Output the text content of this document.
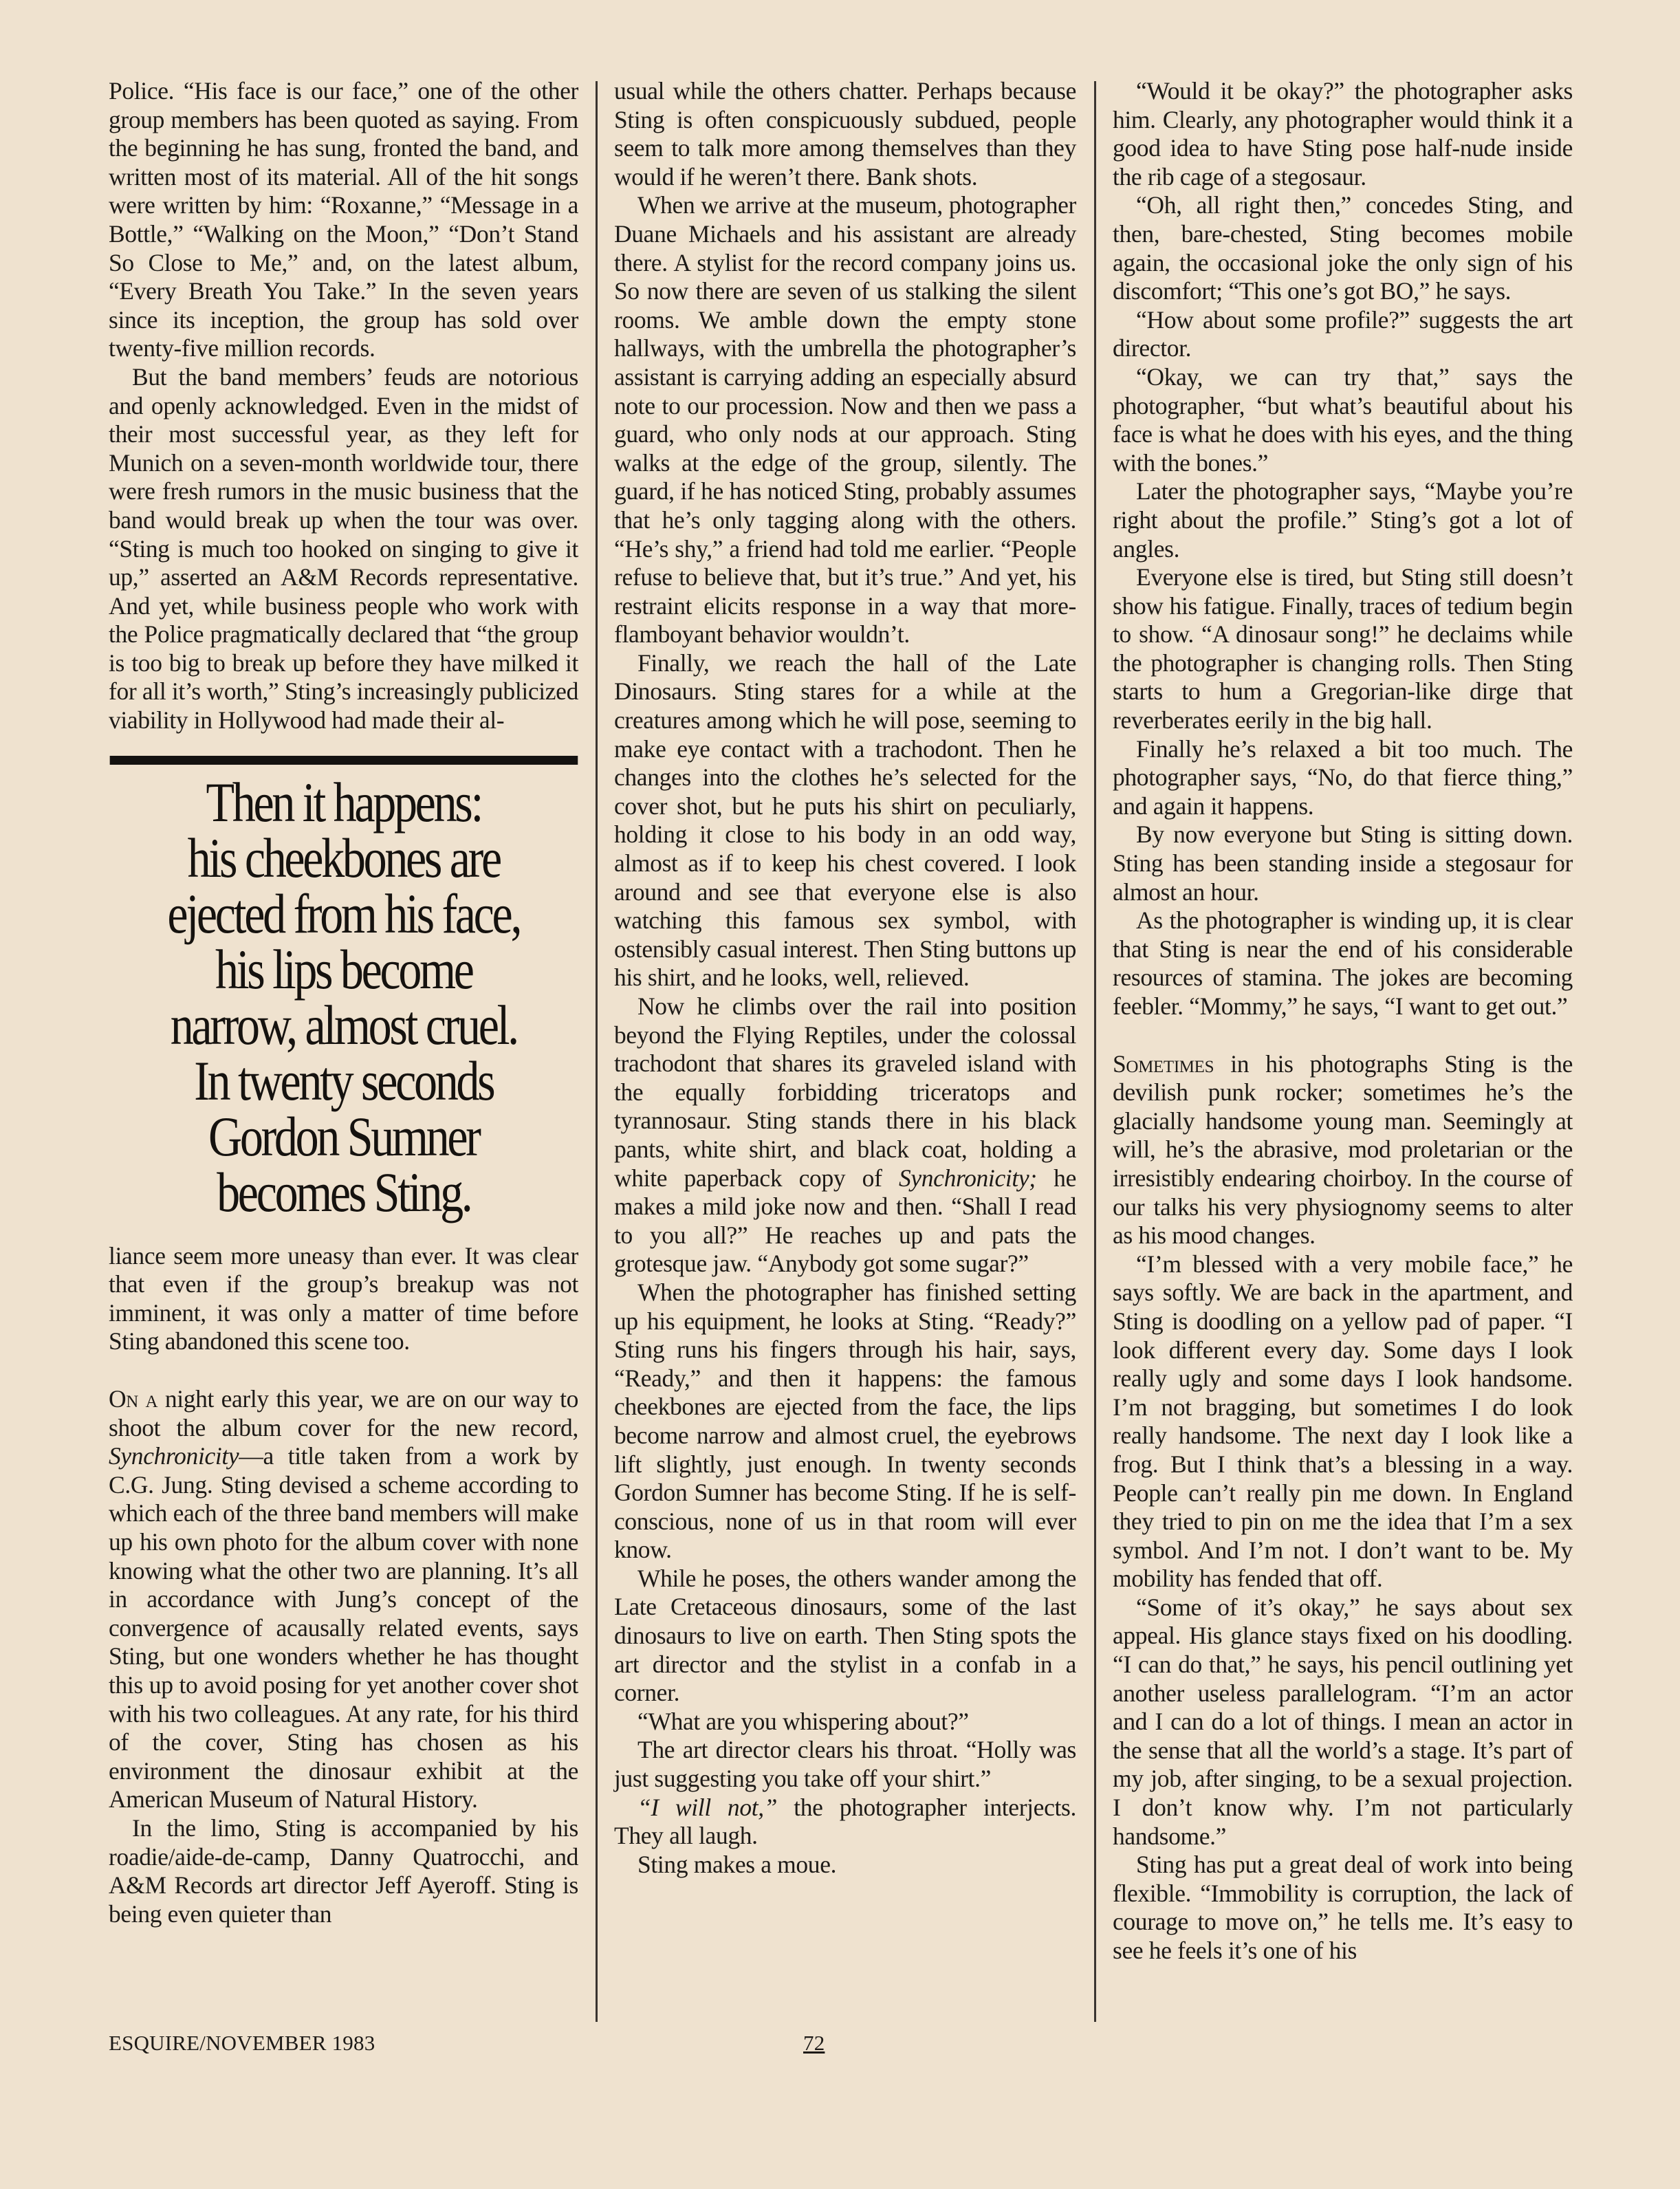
Police. “His face is our face,” one of the other group members has been quoted as saying. From the beginning he has sung, fronted the band, and written most of its material. All of the hit songs were written by him: “Roxanne,” “Message in a Bottle,” “Walking on the Moon,” “Don’t Stand So Close to Me,” and, on the latest album, “Every Breath You Take.” In the seven years since its inception, the group has sold over twenty-five million records.

But the band members’ feuds are notorious and openly acknowledged. Even in the midst of their most successful year, as they left for Munich on a seven-month worldwide tour, there were fresh rumors in the music business that the band would break up when the tour was over. “Sting is much too hooked on singing to give it up,” asserted an A&M Records representative. And yet, while business people who work with the Police pragmatically declared that “the group is too big to break up before they have milked it for all it’s worth,” Sting’s increasingly publicized viability in Hollywood had made their al-

Then it happens:
his cheekbones are
ejected from his face,
his lips become
narrow, almost cruel.
In twenty seconds
Gordon Sumner
becomes Sting.

liance seem more uneasy than ever. It was clear that even if the group’s breakup was not imminent, it was only a matter of time before Sting abandoned this scene too.

On a night early this year, we are on our way to shoot the album cover for the new record, Synchronicity—a title taken from a work by C.G. Jung. Sting devised a scheme according to which each of the three band members will make up his own photo for the album cover with none knowing what the other two are planning. It’s all in accordance with Jung’s concept of the convergence of acausally related events, says Sting, but one wonders whether he has thought this up to avoid posing for yet another cover shot with his two colleagues. At any rate, for his third of the cover, Sting has chosen as his environment the dinosaur exhibit at the American Museum of Natural History.

In the limo, Sting is accompanied by his roadie/aide-de-camp, Danny Quatrocchi, and A&M Records art director Jeff Ayeroff. Sting is being even quieter than

usual while the others chatter. Perhaps because Sting is often conspicuously subdued, people seem to talk more among themselves than they would if he weren’t there. Bank shots.

When we arrive at the museum, photographer Duane Michaels and his assistant are already there. A stylist for the record company joins us. So now there are seven of us stalking the silent rooms. We amble down the empty stone hallways, with the umbrella the photographer’s assistant is carrying adding an especially absurd note to our procession. Now and then we pass a guard, who only nods at our approach. Sting walks at the edge of the group, silently. The guard, if he has noticed Sting, probably assumes that he’s only tagging along with the others. “He’s shy,” a friend had told me earlier. “People refuse to believe that, but it’s true.” And yet, his restraint elicits response in a way that more-flamboyant behavior wouldn’t.

Finally, we reach the hall of the Late Dinosaurs. Sting stares for a while at the creatures among which he will pose, seeming to make eye contact with a trachodont. Then he changes into the clothes he’s selected for the cover shot, but he puts his shirt on peculiarly, holding it close to his body in an odd way, almost as if to keep his chest covered. I look around and see that everyone else is also watching this famous sex symbol, with ostensibly casual interest. Then Sting buttons up his shirt, and he looks, well, relieved.

Now he climbs over the rail into position beyond the Flying Reptiles, under the colossal trachodont that shares its graveled island with the equally forbidding triceratops and tyrannosaur. Sting stands there in his black pants, white shirt, and black coat, holding a white paperback copy of Synchronicity; he makes a mild joke now and then. “Shall I read to you all?” He reaches up and pats the grotesque jaw. “Anybody got some sugar?”

When the photographer has finished setting up his equipment, he looks at Sting. “Ready?” Sting runs his fingers through his hair, says, “Ready,” and then it happens: the famous cheekbones are ejected from the face, the lips become narrow and almost cruel, the eyebrows lift slightly, just enough. In twenty seconds Gordon Sumner has become Sting. If he is self-conscious, none of us in that room will ever know.

While he poses, the others wander among the Late Cretaceous dinosaurs, some of the last dinosaurs to live on earth. Then Sting spots the art director and the stylist in a confab in a corner.

“What are you whispering about?”

The art director clears his throat. “Holly was just suggesting you take off your shirt.”

“I will not,” the photographer interjects. They all laugh.

Sting makes a moue.

“Would it be okay?” the photographer asks him. Clearly, any photographer would think it a good idea to have Sting pose half-nude inside the rib cage of a stegosaur.

“Oh, all right then,” concedes Sting, and then, bare-chested, Sting becomes mobile again, the occasional joke the only sign of his discomfort; “This one’s got BO,” he says.

“How about some profile?” suggests the art director.

“Okay, we can try that,” says the photographer, “but what’s beautiful about his face is what he does with his eyes, and the thing with the bones.”

Later the photographer says, “Maybe you’re right about the profile.” Sting’s got a lot of angles.

Everyone else is tired, but Sting still doesn’t show his fatigue. Finally, traces of tedium begin to show. “A dinosaur song!” he declaims while the photographer is changing rolls. Then Sting starts to hum a Gregorian-like dirge that reverberates eerily in the big hall.

Finally he’s relaxed a bit too much. The photographer says, “No, do that fierce thing,” and again it happens.

By now everyone but Sting is sitting down. Sting has been standing inside a stegosaur for almost an hour.

As the photographer is winding up, it is clear that Sting is near the end of his considerable resources of stamina. The jokes are becoming feebler. “Mommy,” he says, “I want to get out.”

Sometimes in his photographs Sting is the devilish punk rocker; sometimes he’s the glacially handsome young man. Seemingly at will, he’s the abrasive, mod proletarian or the irresistibly endearing choirboy. In the course of our talks his very physiognomy seems to alter as his mood changes.

“I’m blessed with a very mobile face,” he says softly. We are back in the apartment, and Sting is doodling on a yellow pad of paper. “I look different every day. Some days I look really ugly and some days I look handsome. I’m not bragging, but sometimes I do look really handsome. The next day I look like a frog. But I think that’s a blessing in a way. People can’t really pin me down. In England they tried to pin on me the idea that I’m a sex symbol. And I’m not. I don’t want to be. My mobility has fended that off.

“Some of it’s okay,” he says about sex appeal. His glance stays fixed on his doodling. “I can do that,” he says, his pencil outlining yet another useless parallelogram. “I’m an actor and I can do a lot of things. I mean an actor in the sense that all the world’s a stage. It’s part of my job, after singing, to be a sexual projection. I don’t know why. I’m not particularly handsome.”

Sting has put a great deal of work into being flexible. “Immobility is corruption, the lack of courage to move on,” he tells me. It’s easy to see he feels it’s one of his

ESQUIRE/NOVEMBER 1983	72
